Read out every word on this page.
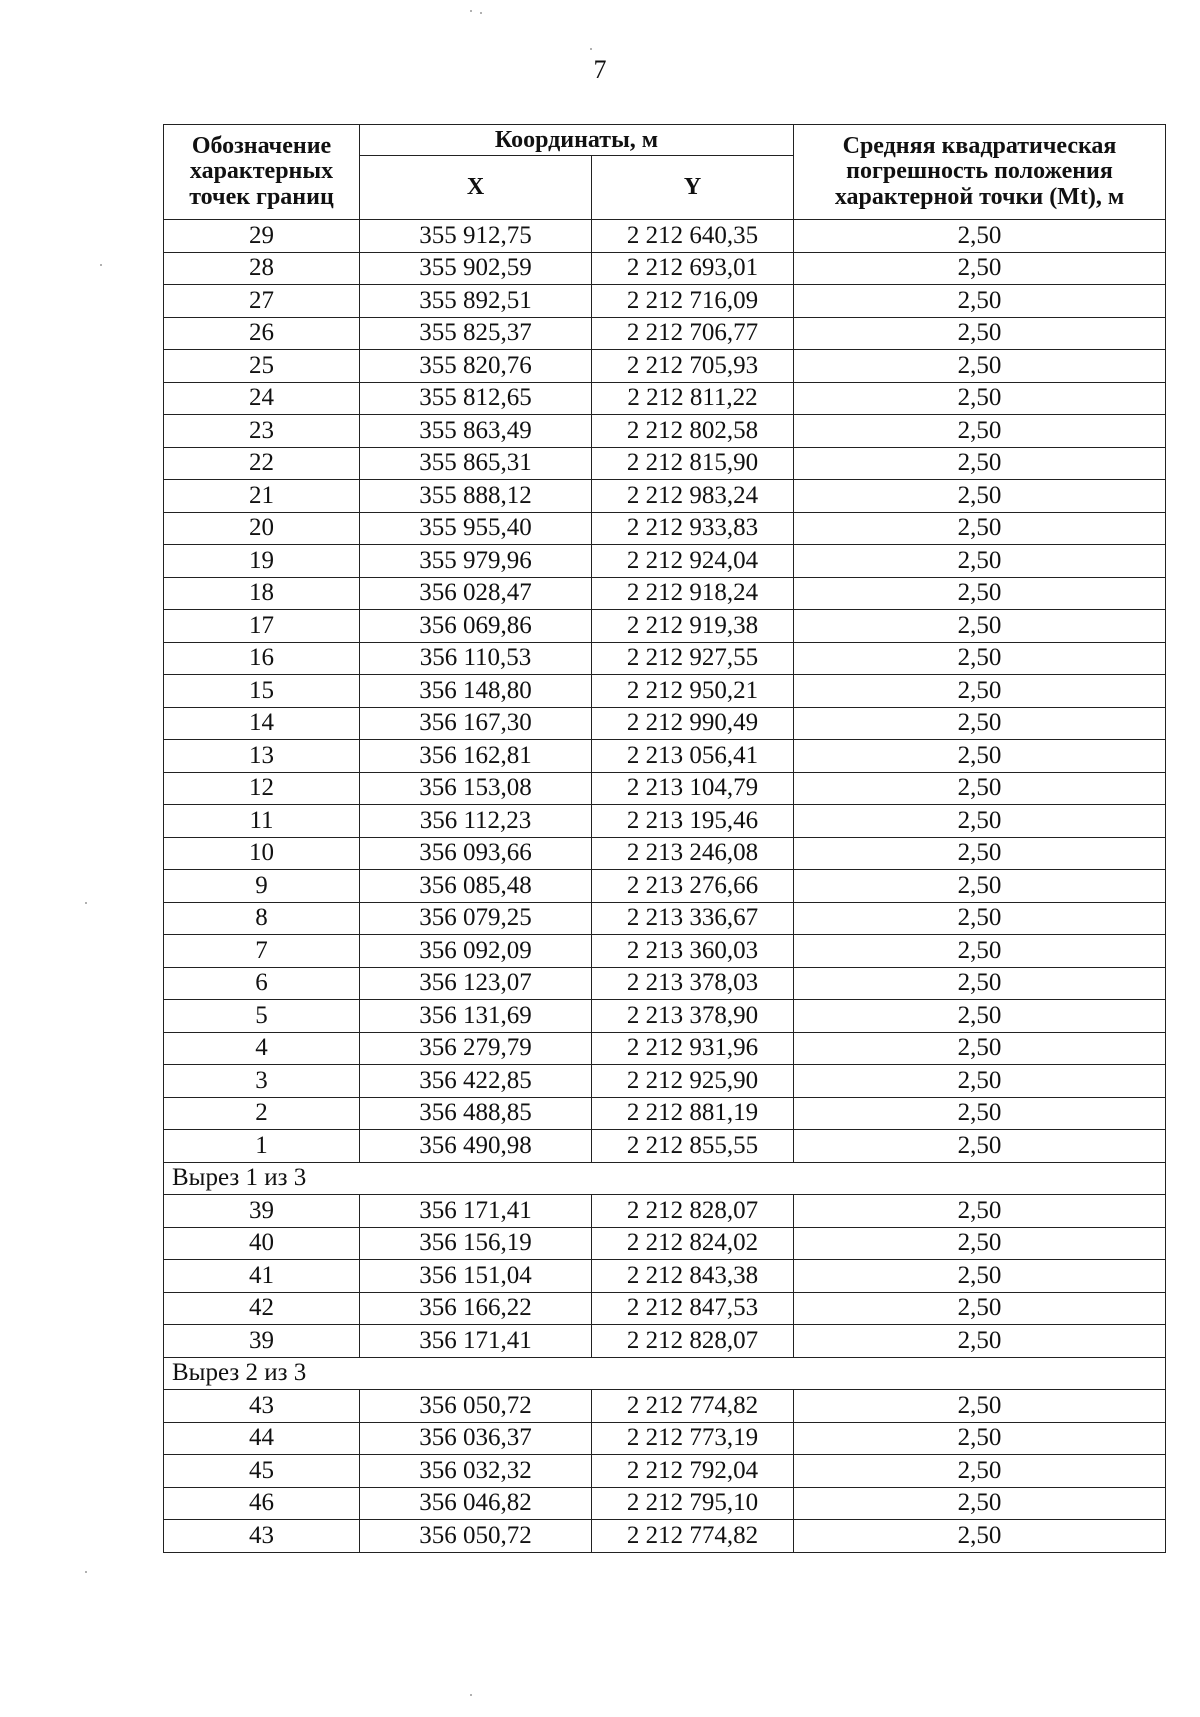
7
Обозначение характерных точек границ	Координаты, м		Средняя квадратическая погрешность положения характерной точки (Mt), м
	X	Y	
29	355 912,75	2 212 640,35	2,50
28	355 902,59	2 212 693,01	2,50
27	355 892,51	2 212 716,09	2,50
26	355 825,37	2 212 706,77	2,50
25	355 820,76	2 212 705,93	2,50
24	355 812,65	2 212 811,22	2,50
23	355 863,49	2 212 802,58	2,50
22	355 865,31	2 212 815,90	2,50
21	355 888,12	2 212 983,24	2,50
20	355 955,40	2 212 933,83	2,50
19	355 979,96	2 212 924,04	2,50
18	356 028,47	2 212 918,24	2,50
17	356 069,86	2 212 919,38	2,50
16	356 110,53	2 212 927,55	2,50
15	356 148,80	2 212 950,21	2,50
14	356 167,30	2 212 990,49	2,50
13	356 162,81	2 213 056,41	2,50
12	356 153,08	2 213 104,79	2,50
11	356 112,23	2 213 195,46	2,50
10	356 093,66	2 213 246,08	2,50
9	356 085,48	2 213 276,66	2,50
8	356 079,25	2 213 336,67	2,50
7	356 092,09	2 213 360,03	2,50
6	356 123,07	2 213 378,03	2,50
5	356 131,69	2 213 378,90	2,50
4	356 279,79	2 212 931,96	2,50
3	356 422,85	2 212 925,90	2,50
2	356 488,85	2 212 881,19	2,50
1	356 490,98	2 212 855,55	2,50
Вырез 1 из 3			
39	356 171,41	2 212 828,07	2,50
40	356 156,19	2 212 824,02	2,50
41	356 151,04	2 212 843,38	2,50
42	356 166,22	2 212 847,53	2,50
39	356 171,41	2 212 828,07	2,50
Вырез 2 из 3			
43	356 050,72	2 212 774,82	2,50
44	356 036,37	2 212 773,19	2,50
45	356 032,32	2 212 792,04	2,50
46	356 046,82	2 212 795,10	2,50
43	356 050,72	2 212 774,82	2,50
